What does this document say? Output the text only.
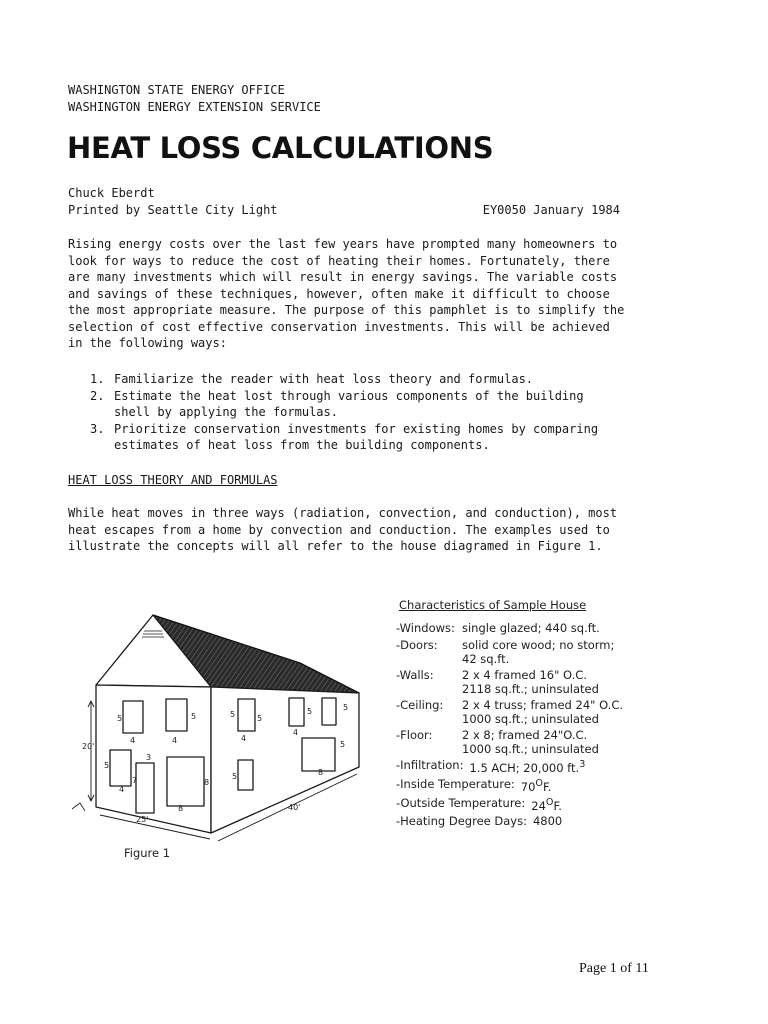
WASHINGTON STATE ENERGY OFFICE
WASHINGTON ENERGY EXTENSION SERVICE
HEAT LOSS CALCULATIONS
Chuck Eberdt
Printed by Seattle City Light	EY0050 January 1984

Rising energy costs over the last few years have prompted many homeowners to look for ways to reduce the cost of heating their homes. Fortunately, there are many investments which will result in energy savings. The variable costs and savings of these techniques, however, often make it difficult to choose the most appropriate measure. The purpose of this pamphlet is to simplify the selection of cost effective conservation investments. This will be achieved in the following ways:

1. Familiarize the reader with heat loss theory and formulas.
2. Estimate the heat lost through various components of the building shell by applying the formulas.
3. Prioritize conservation investments for existing homes by comparing estimates of heat loss from the building components.
HEAT LOSS THEORY AND FORMULAS

While heat moves in three ways (radiation, convection, and conduction), most heat escapes from a home by convection and conduction. The examples used to illustrate the concepts will all refer to the house diagramed in Figure 1.

20'
25'
40'
5	5
4	4
5	5
4
4
5	5
5
5
3
7
8
4
5
8
8
Figure 1
Characteristics of Sample House
-Windows: single glazed; 440 sq.ft.
-Doors:	solid core wood; no storm;
42 sq.ft.
-Walls:	2 x 4 framed 16" O.C.
2118 sq.ft.; uninsulated
-Ceiling:	2 x 4 truss; framed 24" O.C.
1000 sq.ft.; uninsulated
-Floor:	2 x 8; framed 24"O.C.
1000 sq.ft.; uninsulated
-Infiltration: 1.5 ACH; 20,000 ft.$^3$
-Inside Temperature: $70^OF$.
-Outside Temperature: $24^OF$.
-Heating Degree Days: 4800
Page 1 of 11
